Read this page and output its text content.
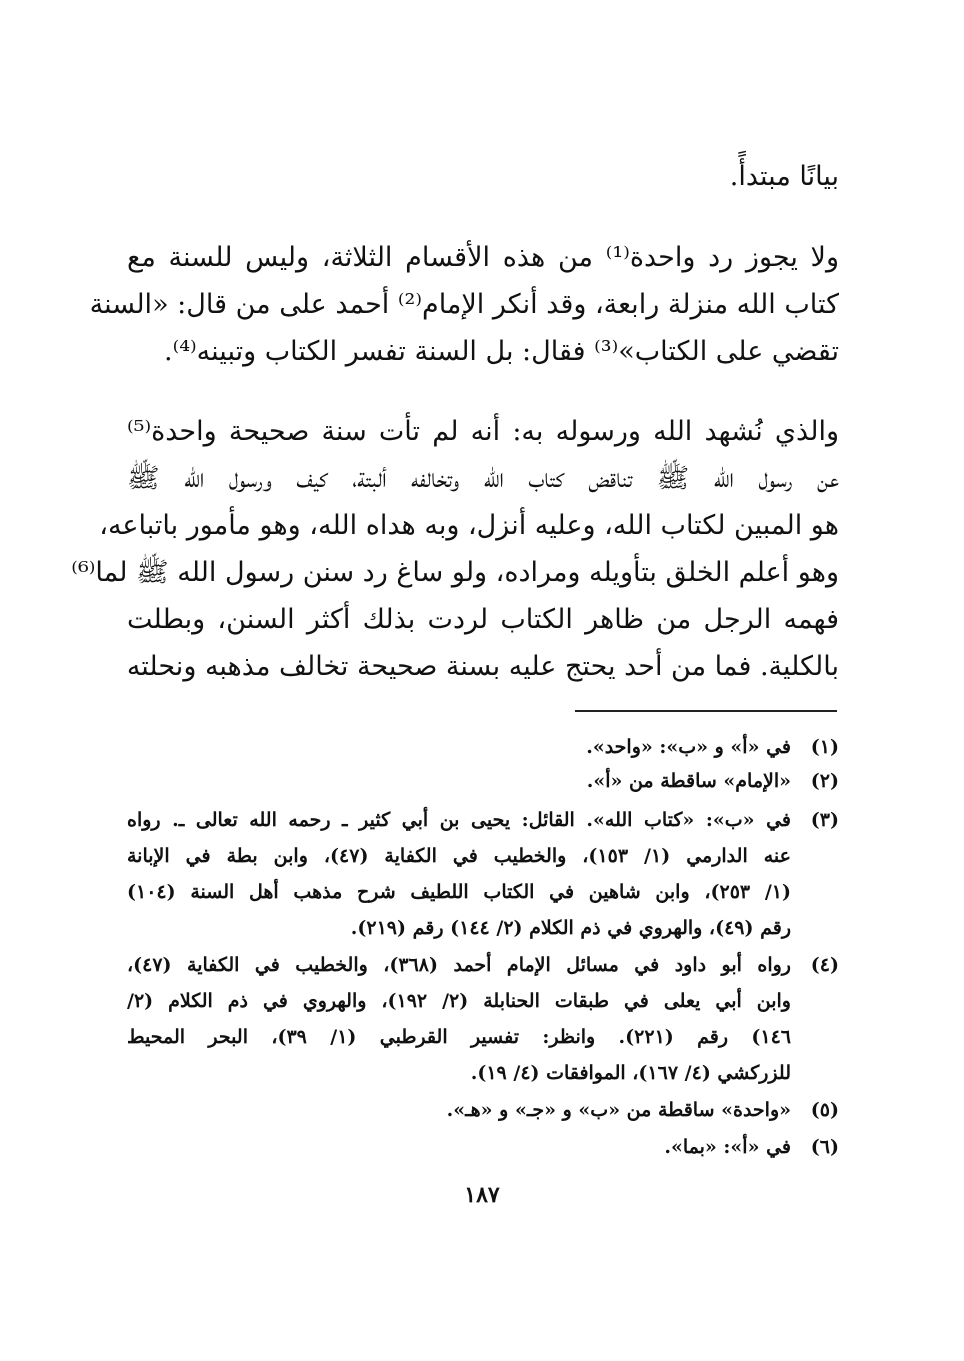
بيانًا مبتدأً.
ولا يجوز رد واحدة⁽¹⁾ من هذه الأقسام الثلاثة، وليس للسنة مع
كتاب الله منزلة رابعة، وقد أنكر الإمام⁽²⁾ أحمد على من قال: «السنة
تقضي على الكتاب»⁽³⁾ فقال: بل السنة تفسر الكتاب وتبينه⁽⁴⁾.
والذي نُشهد الله ورسوله به: أنه لم تأت سنة صحيحة واحدة⁽⁵⁾
عن رسول الله ﷺ تناقض كتاب الله وتخالفه ألبتة، كيف ورسول الله ﷺ
هو المبين لكتاب الله، وعليه أنزل، وبه هداه الله، وهو مأمور باتباعه،
وهو أعلم الخلق بتأويله ومراده، ولو ساغ رد سنن رسول الله ﷺ لما⁽⁶⁾
فهمه الرجل من ظاهر الكتاب لردت بذلك أكثر السنن، وبطلت
بالكلية. فما من أحد يحتج عليه بسنة صحيحة تخالف مذهبه ونحلته
(١)
في «أ» و «ب»: «واحد».
(٢)
«الإمام» ساقطة من «أ».
(٣)
في «ب»: «كتاب الله». القائل: يحيى بن أبي كثير ـ رحمه الله تعالى ـ. رواه
عنه الدارمي (١/ ١٥٣)، والخطيب في الكفاية (٤٧)، وابن بطة في الإبانة
(١/ ٢٥٣)، وابن شاهين في الكتاب اللطيف شرح مذهب أهل السنة (١٠٤)
رقم (٤٩)، والهروي في ذم الكلام (٢/ ١٤٤) رقم (٢١٩).
(٤)
رواه أبو داود في مسائل الإمام أحمد (٣٦٨)، والخطيب في الكفاية (٤٧)،
وابن أبي يعلى في طبقات الحنابلة (٢/ ١٩٢)، والهروي في ذم الكلام (٢/
١٤٦) رقم (٢٢١). وانظر: تفسير القرطبي (١/ ٣٩)، البحر المحيط
للزركشي (٤/ ١٦٧)، الموافقات (٤/ ١٩).
(٥)
«واحدة» ساقطة من «ب» و «جـ» و «هـ».
(٦)
في «أ»: «بما».
١٨٧
